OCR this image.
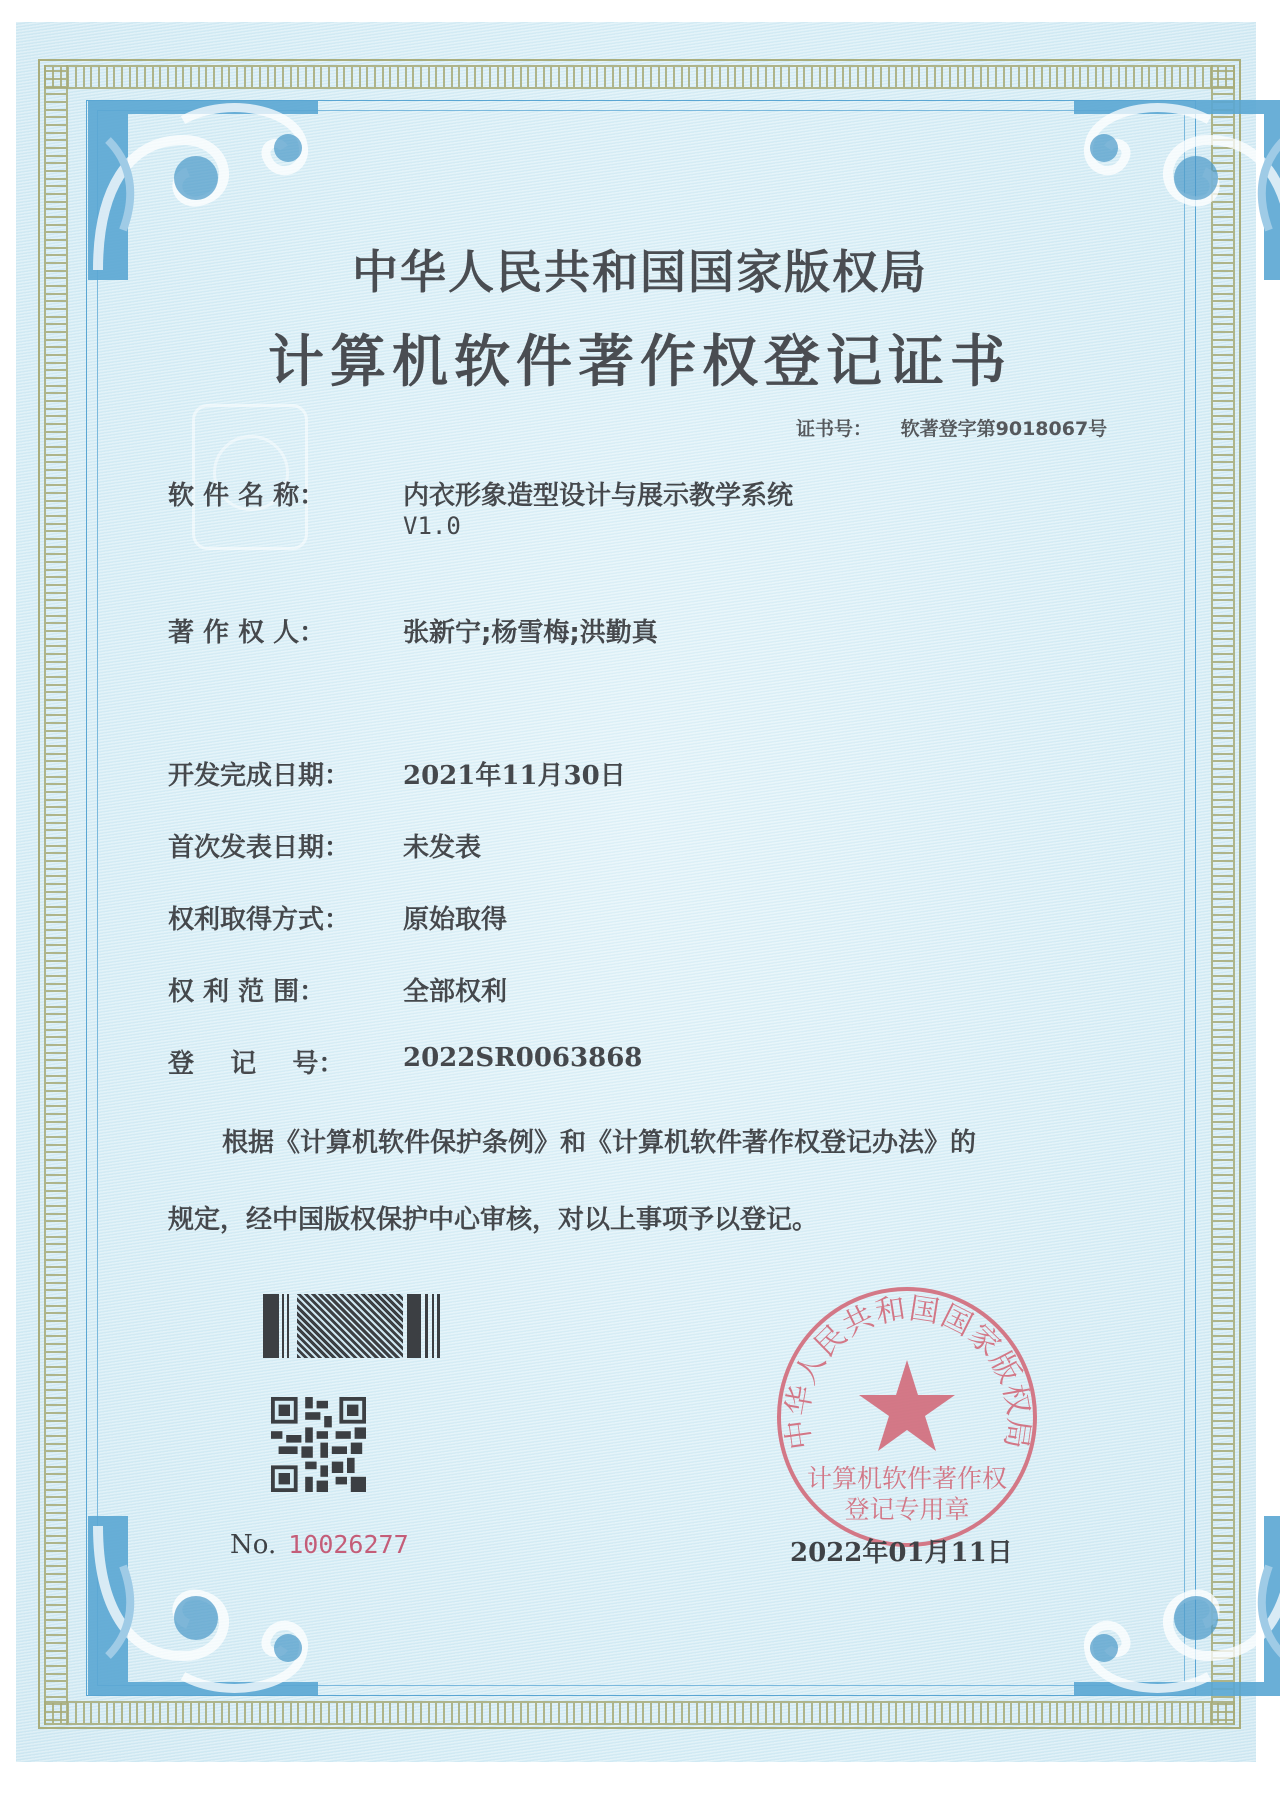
中华人民共和国国家版权局
计算机软件著作权登记证书
证书号： 软著登字第9018067号
软 件 名 称：	内衣形象造型设计与展示教学系统
V1.0
著 作 权 人：	张新宁;杨雪梅;洪勤真
开发完成日期： 2021年11月30日
首次发表日期： 未发表
权利取得方式： 原始取得
权 利 范 围：	全部权利
登    记    号： 2022SR0063868
根据《计算机软件保护条例》和《计算机软件著作权登记办法》的
规定，经中国版权保护中心审核，对以上事项予以登记。
No. 10026277
中华人民共和国国家版权局
计算机软件著作权
登记专用章
2022年01月11日
